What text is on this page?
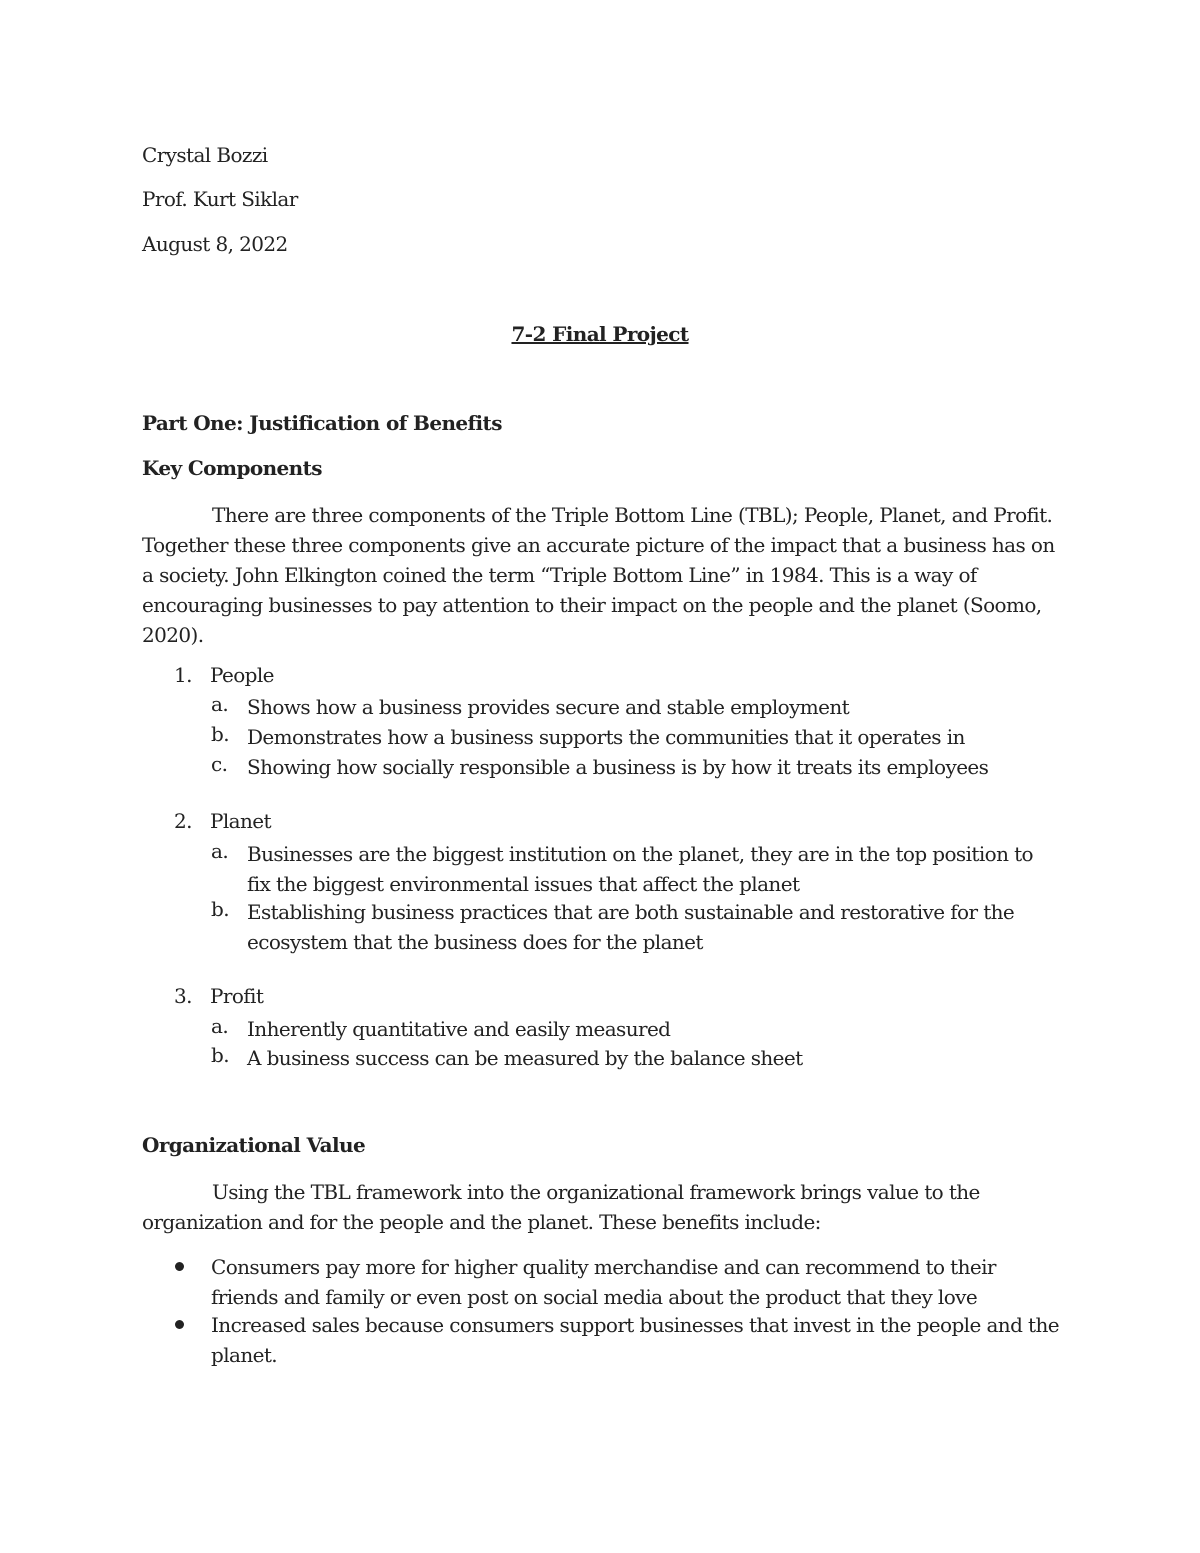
Crystal Bozzi
Prof. Kurt Siklar
August 8, 2022
7-2 Final Project
Part One: Justification of Benefits
Key Components

There are three components of the Triple Bottom Line (TBL); People, Planet, and Profit. Together these three components give an accurate picture of the impact that a business has on a society. John Elkington coined the term “Triple Bottom Line” in 1984. This is a way of encouraging businesses to pay attention to their impact on the people and the planet (Soomo, 2020).

1. People
a. Shows how a business provides secure and stable employment
b. Demonstrates how a business supports the communities that it operates in
c. Showing how socially responsible a business is by how it treats its employees
2. Planet
a. Businesses are the biggest institution on the planet, they are in the top position to fix the biggest environmental issues that affect the planet
b. Establishing business practices that are both sustainable and restorative for the ecosystem that the business does for the planet
3. Profit
a. Inherently quantitative and easily measured
b. A business success can be measured by the balance sheet
Organizational Value

Using the TBL framework into the organizational framework brings value to the organization and for the people and the planet. These benefits include:

Consumers pay more for higher quality merchandise and can recommend to their friends and family or even post on social media about the product that they love
Increased sales because consumers support businesses that invest in the people and the planet.
